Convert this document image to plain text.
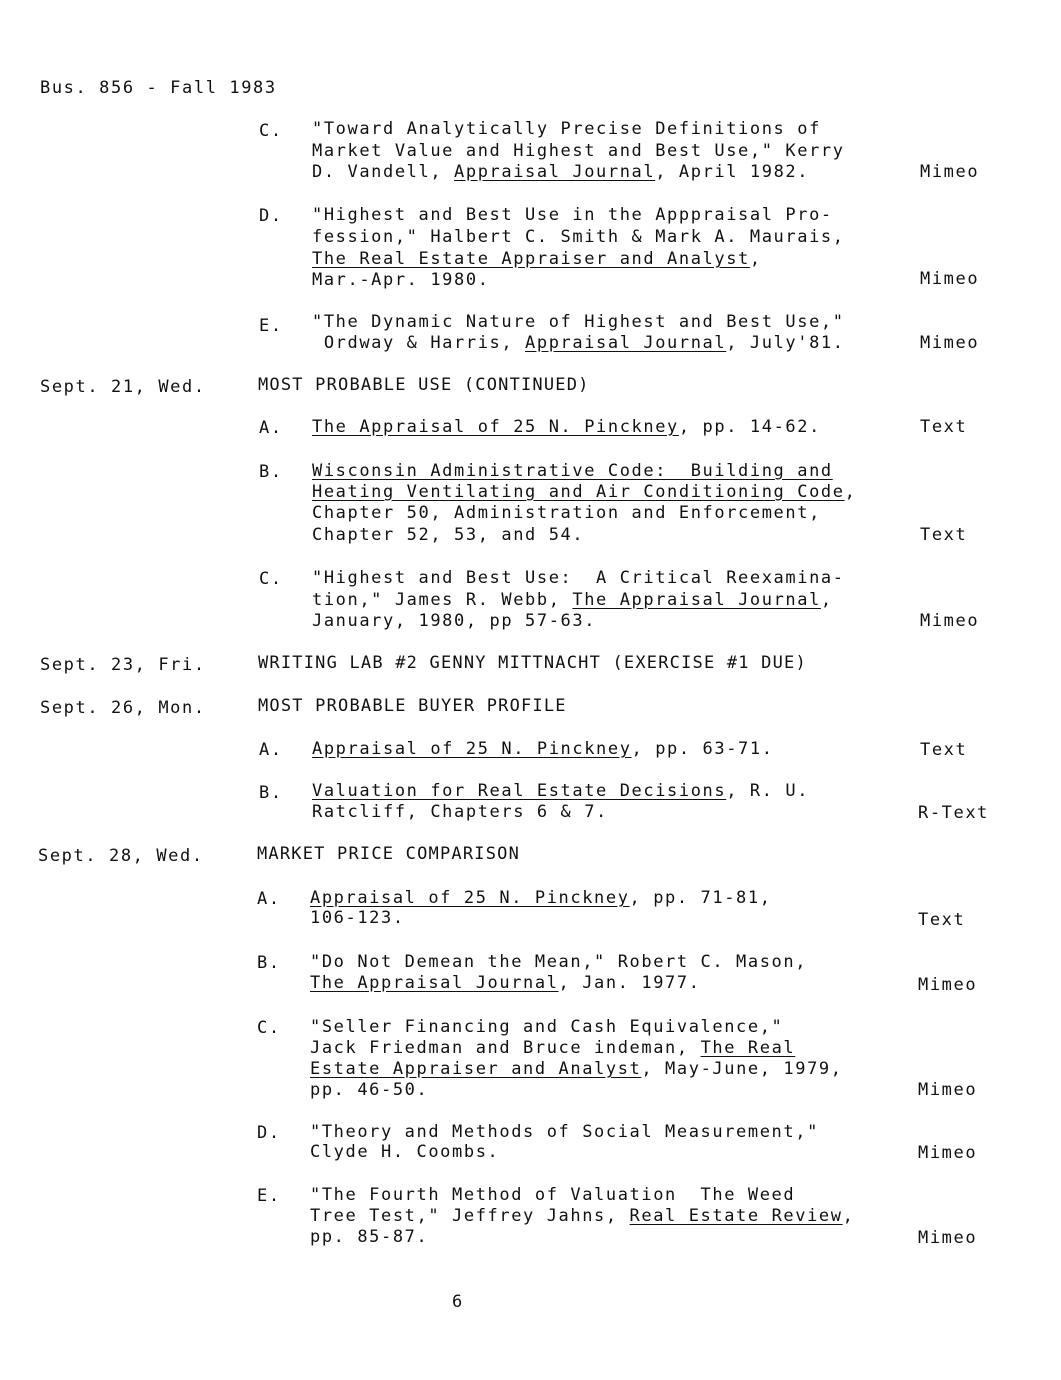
Bus. 856 - Fall 1983
C. "Toward Analytically Precise Definitions of
Market Value and Highest and Best Use," Kerry
D. Vandell, Appraisal Journal, April 1982.	Mimeo
D. "Highest and Best Use in the Apppraisal Pro-
fession," Halbert C. Smith & Mark A. Maurais,
The Real Estate Appraiser and Analyst,
Mar.-Apr. 1980.	Mimeo
E. "The Dynamic Nature of Highest and Best Use,"
Ordway & Harris, Appraisal Journal, July'81.	Mimeo
Sept. 21, Wed.	MOST PROBABLE USE (CONTINUED)
A. The Appraisal of 25 N. Pinckney, pp. 14-62.	Text
B. Wisconsin Administrative Code:  Building and
Heating Ventilating and Air Conditioning Code,
Chapter 50, Administration and Enforcement,
Chapter 52, 53, and 54.	Text
C. "Highest and Best Use:  A Critical Reexamina-
tion," James R. Webb, The Appraisal Journal,
January, 1980, pp 57-63.	Mimeo
Sept. 23, Fri.	WRITING LAB #2 GENNY MITTNACHT (EXERCISE #1 DUE)
Sept. 26, Mon.	MOST PROBABLE BUYER PROFILE
A. Appraisal of 25 N. Pinckney, pp. 63-71.	Text
B. Valuation for Real Estate Decisions, R. U.
Ratcliff, Chapters 6 & 7.	R-Text
Sept. 28, Wed.	MARKET PRICE COMPARISON
A. Appraisal of 25 N. Pinckney, pp. 71-81,
106-123.	Text
B. "Do Not Demean the Mean," Robert C. Mason,
The Appraisal Journal, Jan. 1977.	Mimeo
C. "Seller Financing and Cash Equivalence,"
Jack Friedman and Bruce indeman, The Real
Estate Appraiser and Analyst, May-June, 1979,
pp. 46-50.	Mimeo
D. "Theory and Methods of Social Measurement,"
Clyde H. Coombs.	Mimeo
E. "The Fourth Method of Valuation  The Weed
Tree Test," Jeffrey Jahns, Real Estate Review,
pp. 85-87.	Mimeo
6
